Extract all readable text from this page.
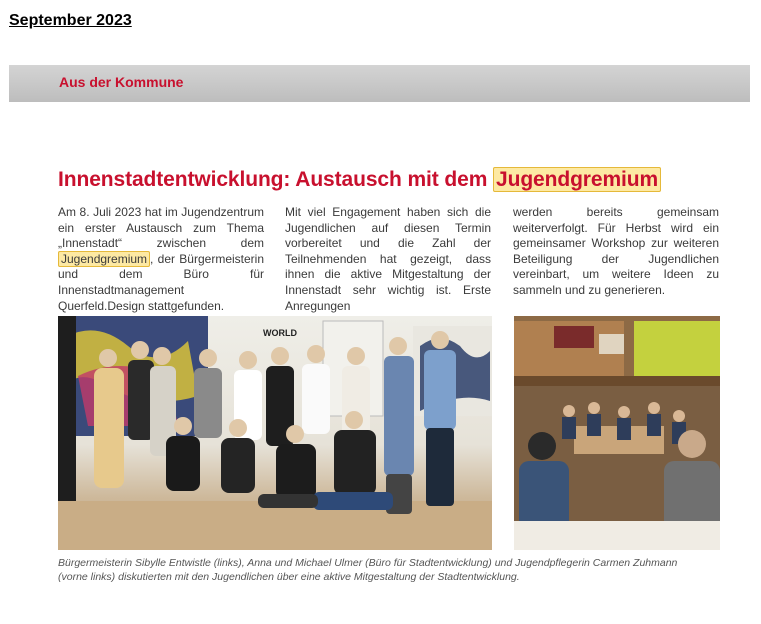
September 2023
Aus der Kommune
Innenstadtentwicklung: Austausch mit dem Jugendgremium
Am 8. Juli 2023 hat im Jugendzentrum ein erster Austausch zum Thema „Innenstadt“ zwischen dem Jugendgremium , der Bürgermeisterin und dem Büro für Innenstadtmanagement Querfeld.Design stattgefunden.
Mit viel Engagement haben sich die Jugendlichen auf diesen Termin vorbereitet und die Zahl der Teilnehmenden hat gezeigt, dass ihnen die aktive Mitgestaltung der Innenstadt sehr wichtig ist. Erste Anregungen
werden bereits gemeinsam weiterverfolgt. Für Herbst wird ein gemeinsamer Workshop zur weiteren Beteiligung der Jugendlichen vereinbart, um weitere Ideen zu sammeln und zu generieren.
WORLD
Bürgermeisterin Sibylle Entwistle (links), Anna und Michael Ulmer (Büro für Stadtentwicklung) und Jugendpflegerin Carmen Zuhmann
(vorne links) diskutierten mit den Jugendlichen über eine aktive Mitgestaltung der Stadtentwicklung.
